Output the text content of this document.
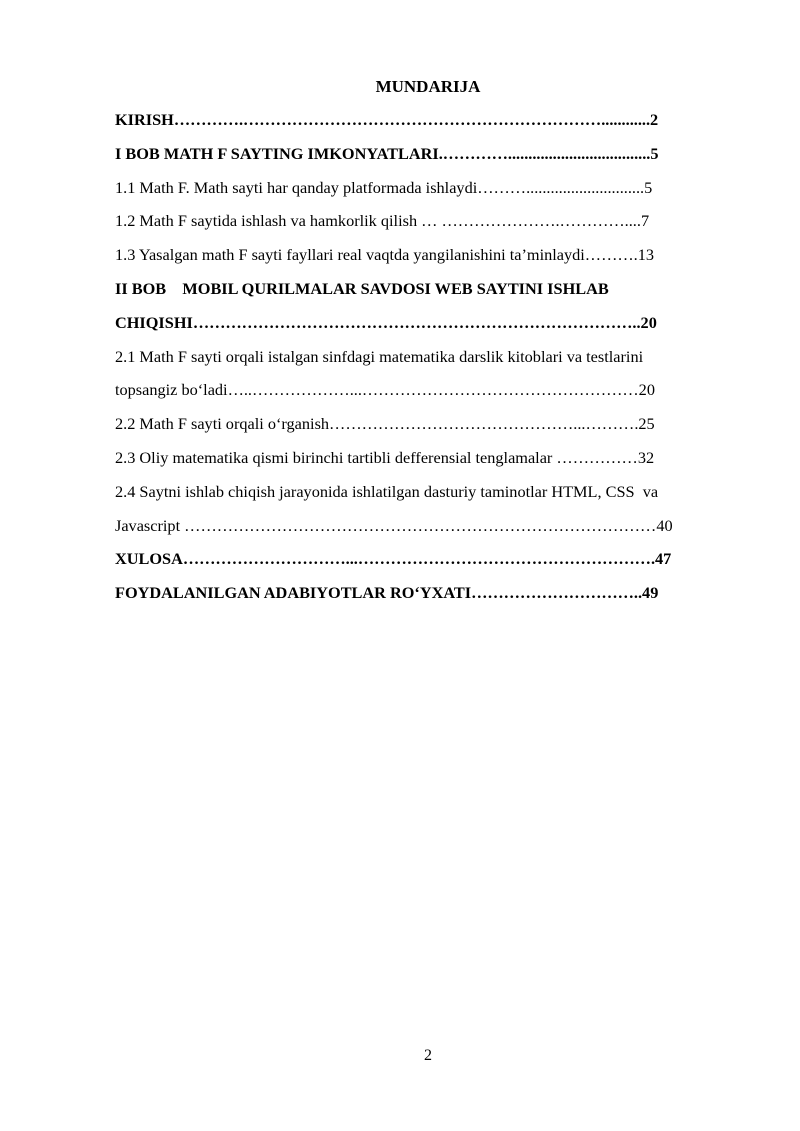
MUNDARIJA
KIRISH………….…………………………………………………………............2
I BOB MATH F SAYTING IMKONYATLARI.…………...................................5
1.1 Math F. Math sayti har qanday platformada ishlaydi……….............................5
1.2 Math F saytida ishlash va hamkorlik qilish … ………………….…………....7
1.3 Yasalgan math F sayti fayllari real vaqtda yangilanishini ta’minlaydi……….13
II BOB    MOBIL QURILMALAR SAVDOSI WEB SAYTINI ISHLAB
CHIQISHI………………………………………………………………………..20
2.1 Math F sayti orqali istalgan sinfdagi matematika darslik kitoblari va testlarini
topsangiz bo‘ladi…..………………...……………………………………………20
2.2 Math F sayti orqali o‘rganish………………………………………...……….25
2.3 Oliy matematika qismi birinchi tartibli defferensial tenglamalar ……………32
2.4 Saytni ishlab chiqish jarayonida ishlatilgan dasturiy taminotlar HTML, CSS  va
Javascript ……………………………………………………………………………40
XULOSA…………………………...……………………………………………….47
FOYDALANILGAN ADABIYOTLAR RO‘YXATI…………………………..49
2
